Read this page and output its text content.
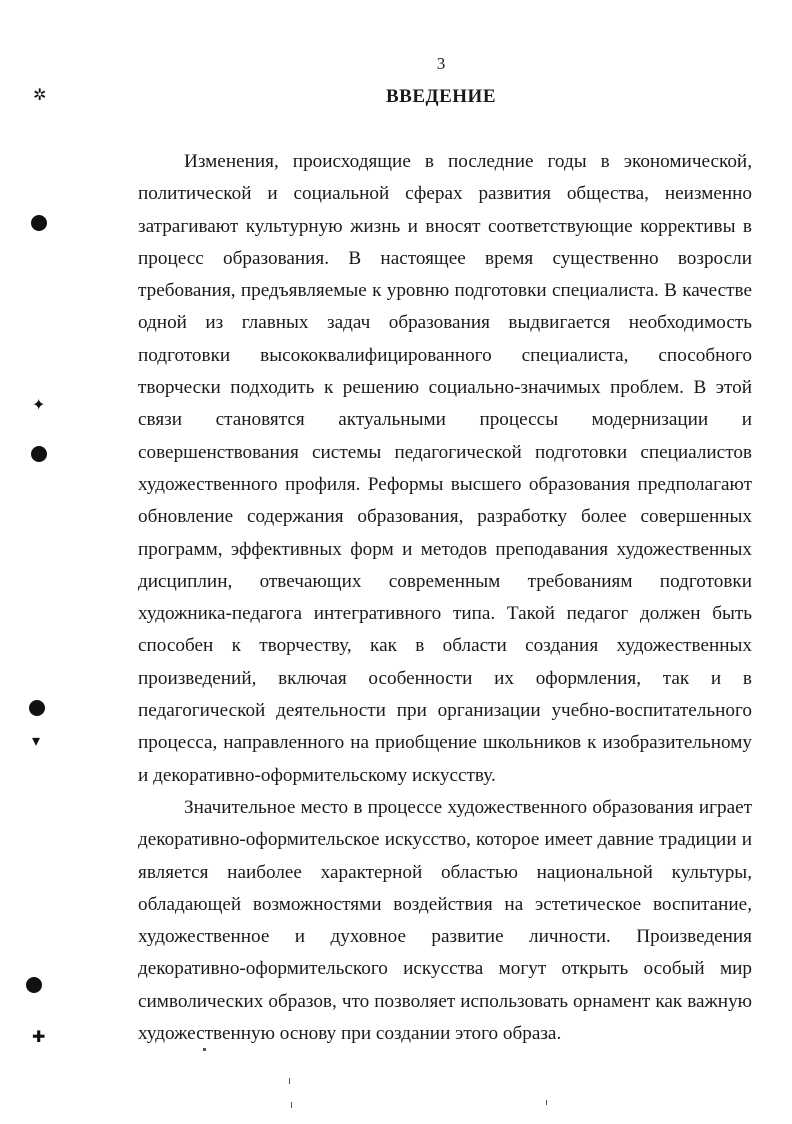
3
ВВЕДЕНИЕ

Изменения, происходящие в последние годы в экономической, политической и социальной сферах развития общества, неизменно затрагивают культурную жизнь и вносят соответствующие коррективы в процесс образования. В настоящее время существенно возросли требования, предъявляемые к уровню подготовки специалиста. В качестве одной из главных задач образования выдвигается необходимость подготовки высококвалифицированного специалиста, способного творчески подходить к решению социально-значимых проблем. В этой связи становятся актуальными процессы модернизации и совершенствования системы педагогической подготовки специалистов художественного профиля. Реформы высшего образования предполагают обновление содержания образования, разработку более совершенных программ, эффективных форм и методов преподавания художественных дисциплин, отвечающих современным требованиям подготовки художника-педагога интегративного типа. Такой педагог должен быть способен к творчеству, как в области создания художественных произведений, включая особенности их оформления, так и в педагогической деятельности при организации учебно-воспитательного процесса, направленного на приобщение школьников к изобразительному и декоративно-оформительскому искусству.

Значительное место в процессе художественного образования играет декоративно-оформительское искусство, которое имеет давние традиции и является наиболее характерной областью национальной культуры, обладающей возможностями воздействия на эстетическое воспитание, художественное и духовное развитие личности. Произведения декоративно-оформительского искусства могут открыть особый мир символических образов, что позволяет использовать орнамент как важную художественную основу при создании этого образа.

✲
✦
▾
✚
